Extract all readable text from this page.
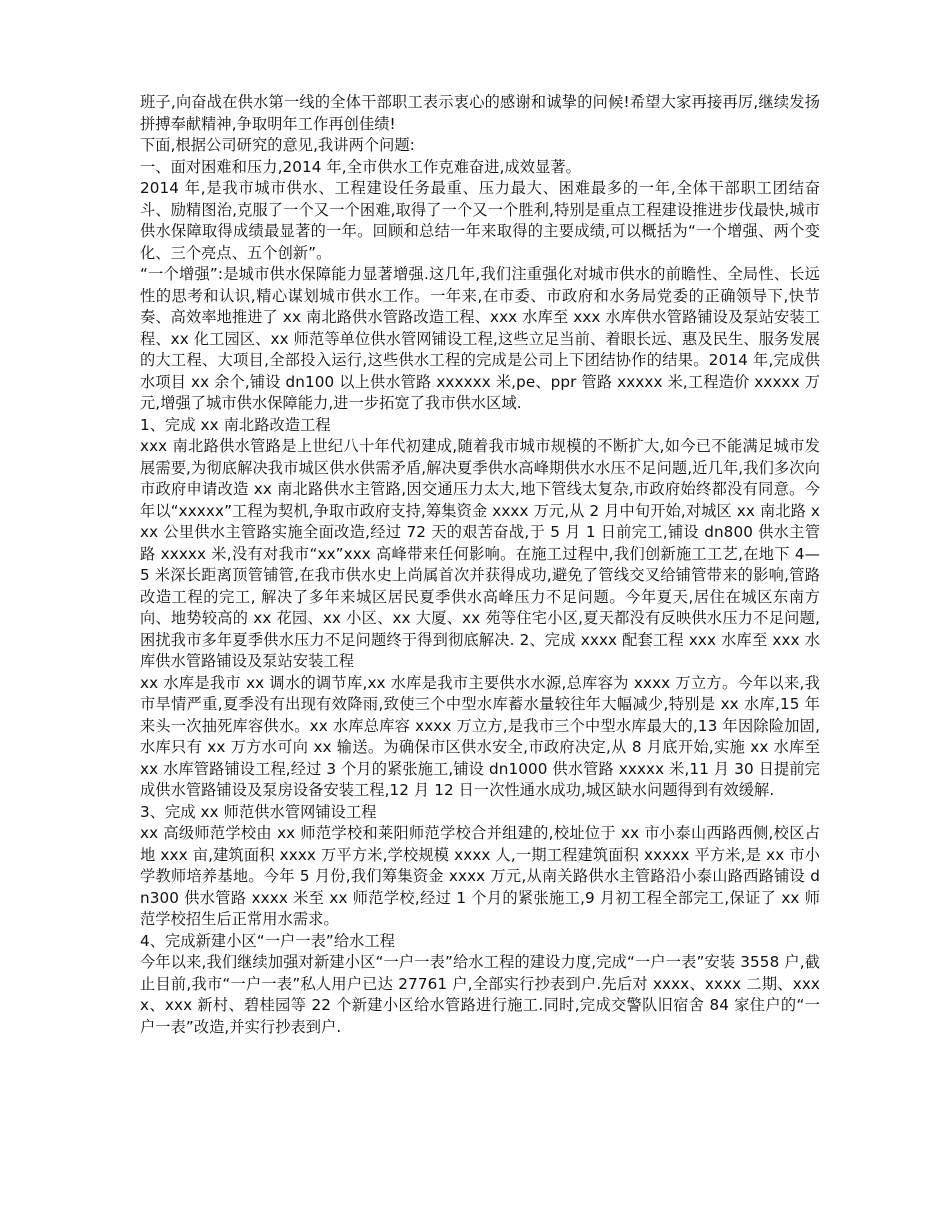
班子,向奋战在供水第一线的全体干部职工表示衷心的感谢和诚挚的问候!希望大家再接再厉,继续发扬拼搏奉献精神,争取明年工作再创佳绩!

下面,根据公司研究的意见,我讲两个问题:

一、面对困难和压力,2014 年,全市供水工作克难奋进,成效显著。

2014 年,是我市城市供水、工程建设任务最重、压力最大、困难最多的一年,全体干部职工团结奋斗、励精图治,克服了一个又一个困难,取得了一个又一个胜利,特别是重点工程建设推进步伐最快,城市供水保障取得成绩最显著的一年。回顾和总结一年来取得的主要成绩,可以概括为“一个增强、两个变化、三个亮点、五个创新”。

“一个增强”:是城市供水保障能力显著增强.这几年,我们注重强化对城市供水的前瞻性、全局性、长远性的思考和认识,精心谋划城市供水工作。一年来,在市委、市政府和水务局党委的正确领导下,快节奏、高效率地推进了 xx 南北路供水管路改造工程、xxx 水库至 xxx 水库供水管路铺设及泵站安装工程、xx 化工园区、xx 师范等单位供水管网铺设工程,这些立足当前、着眼长远、惠及民生、服务发展的大工程、大项目,全部投入运行,这些供水工程的完成是公司上下团结协作的结果。2014 年,完成供水项目 xx 余个,铺设 dn100 以上供水管路 xxxxxx 米,pe、ppr 管路 xxxxx 米,工程造价 xxxxx 万元,增强了城市供水保障能力,进一步拓宽了我市供水区域.

1、完成 xx 南北路改造工程

xxx 南北路供水管路是上世纪八十年代初建成,随着我市城市规模的不断扩大,如今已不能满足城市发展需要,为彻底解决我市城区供水供需矛盾,解决夏季供水高峰期供水水压不足问题,近几年,我们多次向市政府申请改造 xx 南北路供水主管路,因交通压力太大,地下管线太复杂,市政府始终都没有同意。今年以“xxxxx”工程为契机,争取市政府支持,筹集资金 xxxx 万元,从 2 月中旬开始,对城区 xx 南北路 xxx 公里供水主管路实施全面改造,经过 72 天的艰苦奋战,于 5 月 1 日前完工,铺设 dn800 供水主管路 xxxxx 米,没有对我市“xx”xxx 高峰带来任何影响。在施工过程中,我们创新施工工艺,在地下 4—5 米深长距离顶管铺管,在我市供水史上尚属首次并获得成功,避免了管线交叉给铺管带来的影响,管路改造工程的完工, 解决了多年来城区居民夏季供水高峰压力不足问题。今年夏天,居住在城区东南方向、地势较高的 xx 花园、xx 小区、xx 大厦、xx 苑等住宅小区,夏天都没有反映供水压力不足问题,困扰我市多年夏季供水压力不足问题终于得到彻底解决. 2、完成 xxxx 配套工程 xxx 水库至 xxx 水库供水管路铺设及泵站安装工程

xx 水库是我市 xx 调水的调节库,xx 水库是我市主要供水水源,总库容为 xxxx 万立方。今年以来,我市旱情严重,夏季没有出现有效降雨,致使三个中型水库蓄水量较往年大幅减少,特别是 xx 水库,15 年来头一次抽死库容供水。xx 水库总库容 xxxx 万立方,是我市三个中型水库最大的,13 年因除险加固,水库只有 xx 万方水可向 xx 输送。为确保市区供水安全,市政府决定,从 8 月底开始,实施 xx 水库至 xx 水库管路铺设工程,经过 3 个月的紧张施工,铺设 dn1000 供水管路 xxxxx 米,11 月 30 日提前完成供水管路铺设及泵房设备安装工程,12 月 12 日一次性通水成功,城区缺水问题得到有效缓解.

3、完成 xx 师范供水管网铺设工程

xx 高级师范学校由 xx 师范学校和莱阳师范学校合并组建的,校址位于 xx 市小泰山西路西侧,校区占地 xxx 亩,建筑面积 xxxx 万平方米,学校规模 xxxx 人,一期工程建筑面积 xxxxx 平方米,是 xx 市小学教师培养基地。今年 5 月份,我们筹集资金 xxxx 万元,从南关路供水主管路沿小泰山路西路铺设 dn300 供水管路 xxxx 米至 xx 师范学校,经过 1 个月的紧张施工,9 月初工程全部完工,保证了 xx 师范学校招生后正常用水需求。

4、完成新建小区“一户一表”给水工程

今年以来,我们继续加强对新建小区“一户一表”给水工程的建设力度,完成“一户一表”安装 3558 户,截止目前,我市“一户一表”私人用户已达 27761 户,全部实行抄表到户.先后对 xxxx、xxxx 二期、xxxx、xxx 新村、碧桂园等 22 个新建小区给水管路进行施工.同时,完成交警队旧宿舍 84 家住户的“一户一表”改造,并实行抄表到户.
